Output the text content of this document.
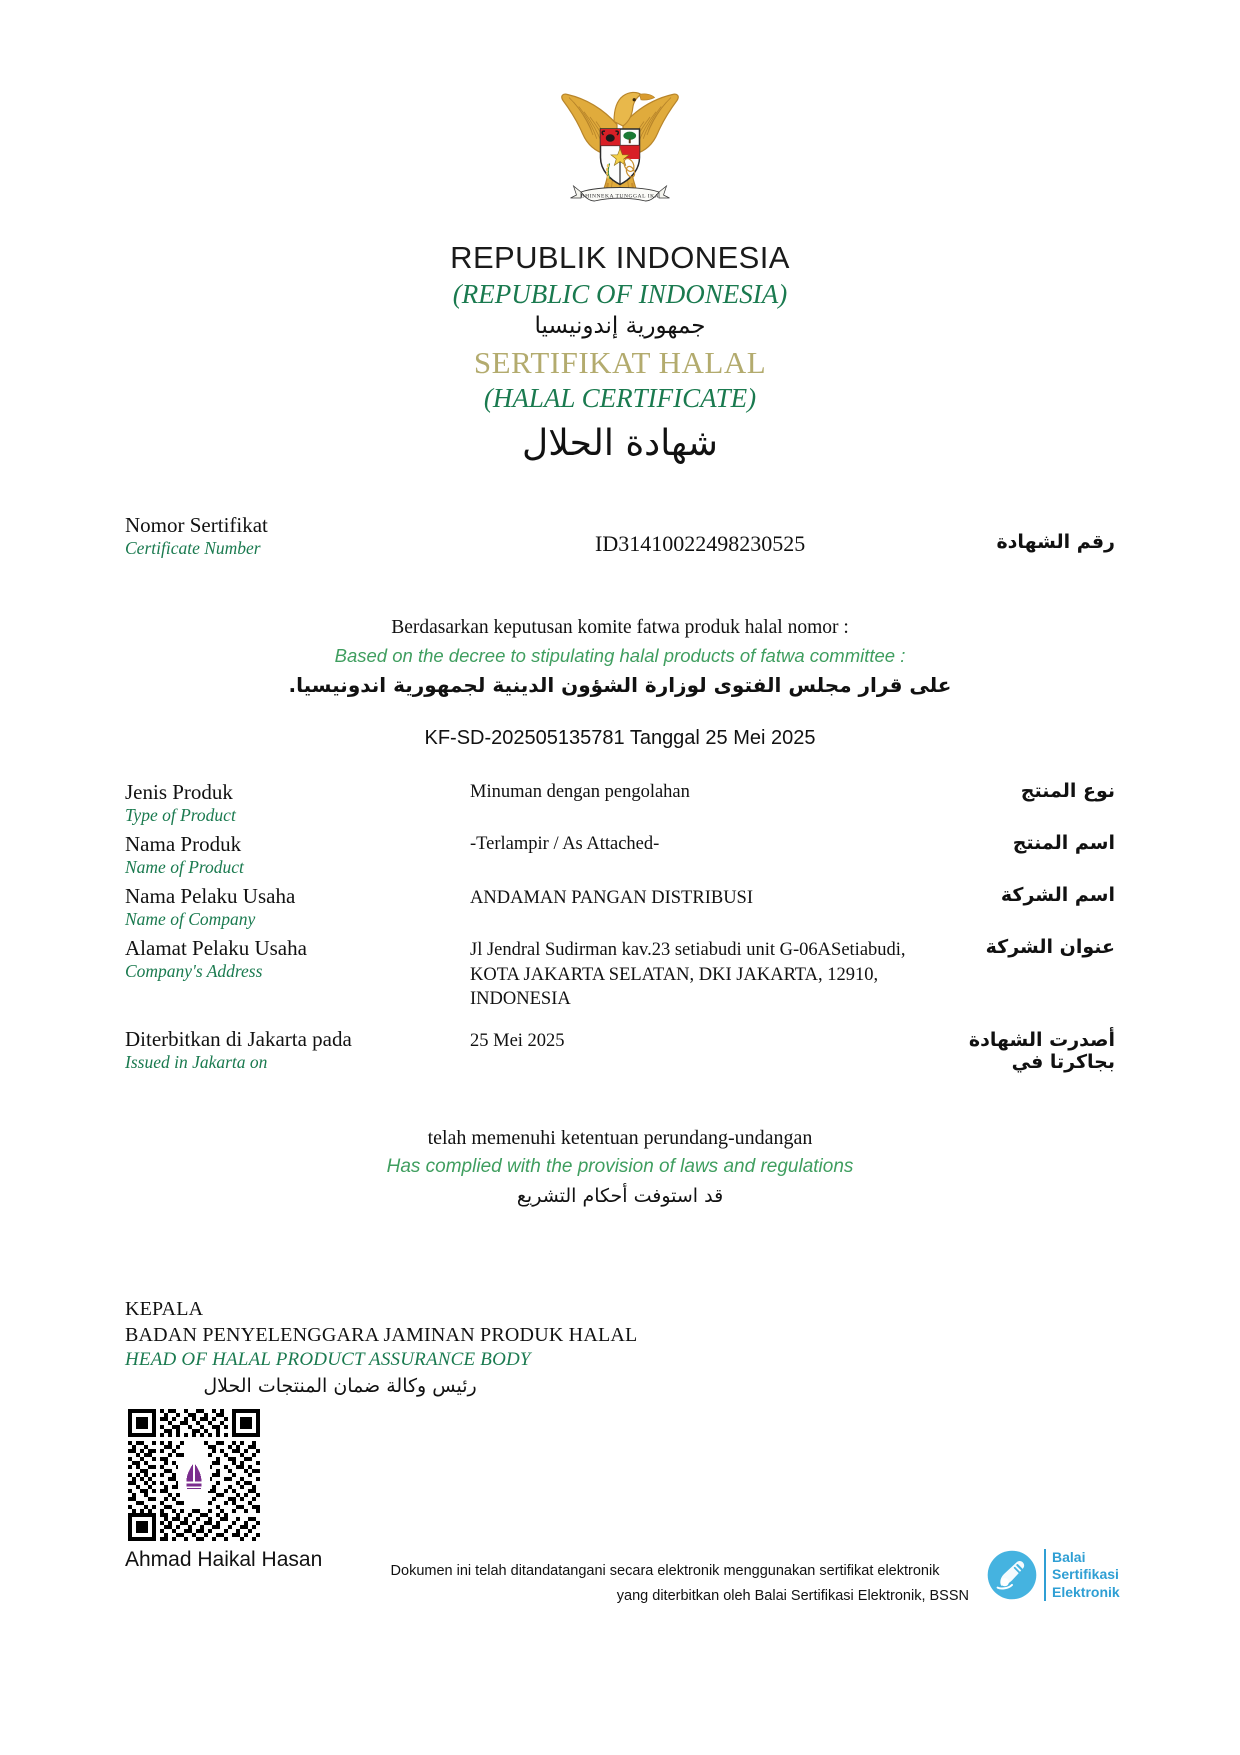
BHINNEKA TUNGGAL IKA
REPUBLIK INDONESIA
(REPUBLIC OF INDONESIA)
جمهورية إندونيسيا
SERTIFIKAT HALAL
(HALAL CERTIFICATE)
شهادة الحلال
Nomor Sertifikat
Certificate Number	ID31410022498230525	رقم الشهادة
Berdasarkan keputusan komite fatwa produk halal nomor :
Based on the decree to stipulating halal products of fatwa committee :
على قرار مجلس الفتوى لوزارة الشؤون الدينية لجمهورية اندونيسيا.
KF-SD-202505135781 Tanggal 25 Mei 2025
Jenis Produk
Type of Product
Minuman dengan pengolahan	نوع المنتج
Nama Produk
Name of Product
-Terlampir / As Attached-	اسم المنتج
Nama Pelaku Usaha
Name of Company
ANDAMAN PANGAN DISTRIBUSI	اسم الشركة
Alamat Pelaku Usaha
Company's Address
Jl Jendral Sudirman kav.23 setiabudi unit G-06ASetiabudi, KOTA JAKARTA SELATAN, DKI JAKARTA, 12910, INDONESIA
عنوان الشركة
Diterbitkan di Jakarta pada
Issued in Jakarta on
25 Mei 2025	أصدرت الشهادة بجاكرتا في
telah memenuhi ketentuan perundang-undangan
Has complied with the provision of laws and regulations
قد استوفت أحكام التشريع
KEPALA
BADAN PENYELENGGARA JAMINAN PRODUK HALAL
HEAD OF HALAL PRODUCT ASSURANCE BODY
رئيس وكالة ضمان المنتجات الحلال
Ahmad Haikal Hasan	Dokumen ini telah ditandatangani secara elektronik menggunakan sertifikat elektronik
yang diterbitkan oleh Balai Sertifikasi Elektronik, BSSN
Balai
Sertifikasi
Elektronik
